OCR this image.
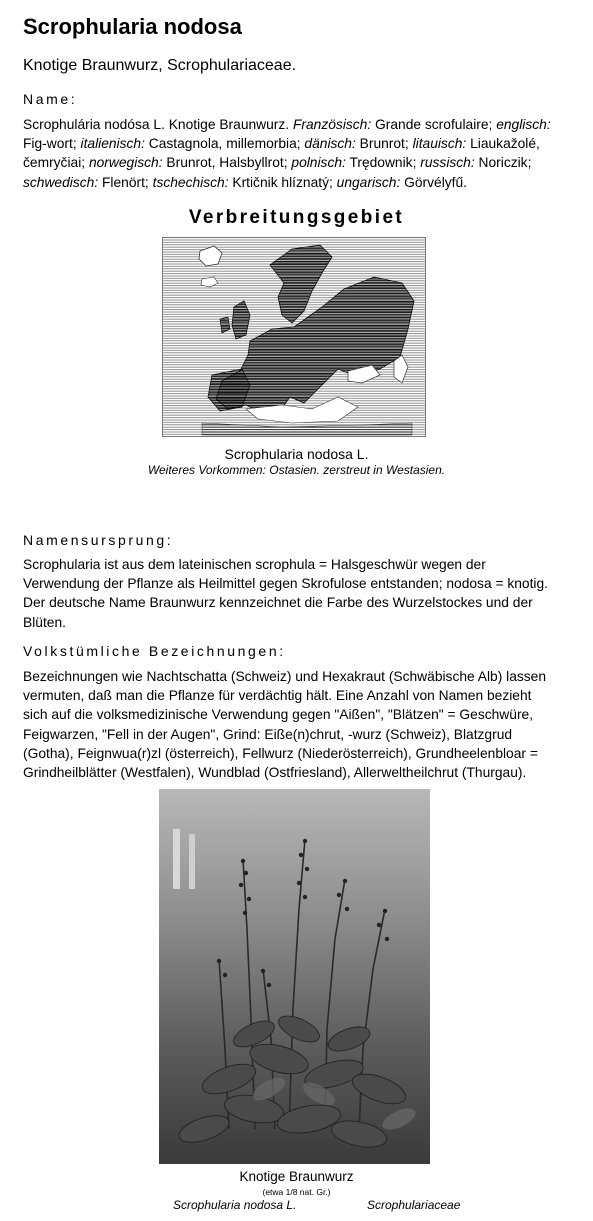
Scrophularia nodosa
Knotige Braunwurz, Scrophulariaceae.
Name:
Scrophulária nodósa L. Knotige Braunwurz. Französisch: Grande scrofulaire; englisch:
Fig-wort; italienisch: Castagnola, millemorbia; dänisch: Brunrot; litauisch: Liaukažolé,
čemryčiai; norwegisch: Brunrot, Halsbyllrot; polnisch: Trędownik; russisch: Noriczik;
schwedisch: Flenört; tschechisch: Krtičnik hlíznatý; ungarisch: Görvélyfű.
Verbreitungsgebiet
Scrophularia nodosa L.
Weiteres Vorkommen: Ostasien. zerstreut in Westasien.
Namensursprung:
Scrophularia ist aus dem lateinischen scrophula = Halsgeschwür wegen der
Verwendung der Pflanze als Heilmittel gegen Skrofulose entstanden; nodosa = knotig.
Der deutsche Name Braunwurz kennzeichnet die Farbe des Wurzelstockes und der
Blüten.
Volkstümliche Bezeichnungen:
Bezeichnungen wie Nachtschatta (Schweiz) und Hexakraut (Schwäbische Alb) lassen
vermuten, daß man die Pflanze für verdächtig hält. Eine Anzahl von Namen bezieht
sich auf die volksmedizinische Verwendung gegen "Aißen", "Blätzen" = Geschwüre,
Feigwarzen, "Fell in der Augen", Grind: Eiße(n)chrut, -wurz (Schweiz), Blatzgrud
(Gotha), Feignwua(r)zl (österreich), Fellwurz (Niederösterreich), Grundheelenbloar =
Grindheilblätter (Westfalen), Wundblad (Ostfriesland), Allerweltheilchrut (Thurgau).
Knotige Braunwurz
(etwa 1/8 nat. Gr.)
Scrophularia nodosa L.	Scrophulariaceae
